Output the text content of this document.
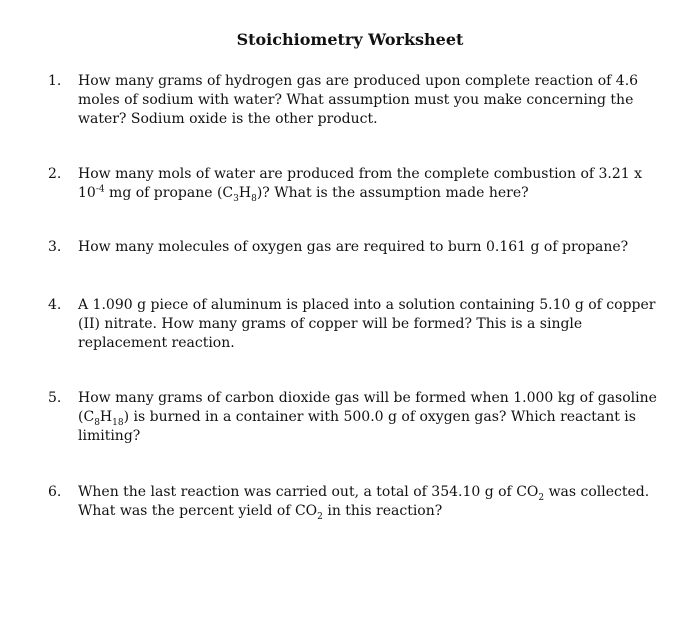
Stoichiometry Worksheet
1.	How many grams of hydrogen gas are produced upon complete reaction of 4.6 moles of sodium with water? What assumption must you make concerning the water? Sodium oxide is the other product.
2.	How many mols of water are produced from the complete combustion of 3.21 x $10^{-4}$ mg of propane $(C_3H_8)$? What is the assumption made here?
3.	How many molecules of oxygen gas are required to burn 0.161 g of propane?
4.	A 1.090 g piece of aluminum is placed into a solution containing 5.10 g of copper (II) nitrate. How many grams of copper will be formed? This is a single replacement reaction.
5.	How many grams of carbon dioxide gas will be formed when 1.000 kg of gasoline $(C_8H_{18})$ is burned in a container with 500.0 g of oxygen gas? Which reactant is limiting?
6.	When the last reaction was carried out, a total of 354.10 g of $CO_2$ was collected. What was the percent yield of $CO_2$ in this reaction?
